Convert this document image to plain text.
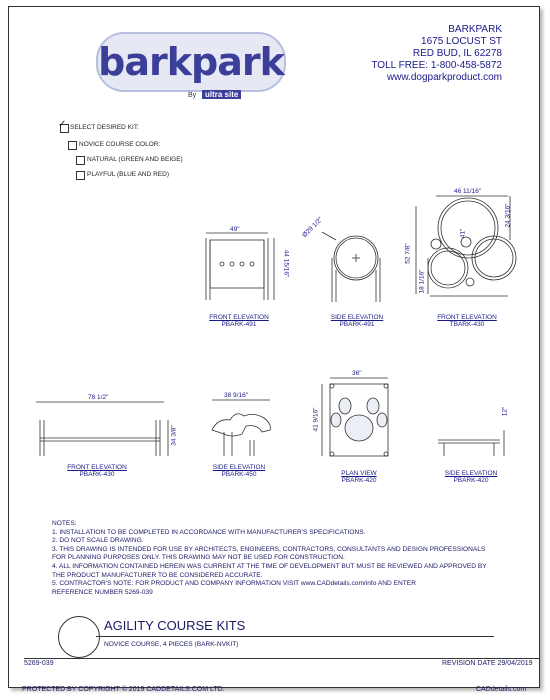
barkpark
By	ultra site
BARKPARK
1675 LOCUST ST
RED BUD, IL 62278
TOLL FREE: 1-800-458-5872
www.dogparkproduct.com
✓ SELECT DESIRED KIT:
NOVICE COURSE COLOR:
NATURAL (GREEN AND BEIGE)
PLAYFUL (BLUE AND RED)
49"
44 15/16"
Ø29 1/2"
46 11/16"
24 3/16"
52 7/8"
41"
18 1/16"
78 1/2"
34 3/8"
38 9/16"
36"
41 9/16"	12"
FRONT ELEVATION
PBARK-491
SIDE ELEVATION
PBARK-491
FRONT ELEVATION
TBARK-430
FRONT ELEVATION
PBARK-430
SIDE ELEVATION
PBARK-450	PLAN VIEW
PBARK-420
SIDE ELEVATION
PBARK-420
NOTES:
1. INSTALLATION TO BE COMPLETED IN ACCORDANCE WITH MANUFACTURER'S SPECIFICATIONS.
2. DO NOT SCALE DRAWING.
3. THIS DRAWING IS INTENDED FOR USE BY ARCHITECTS, ENGINEERS, CONTRACTORS, CONSULTANTS AND DESIGN PROFESSIONALS
FOR PLANNING PURPOSES ONLY. THIS DRAWING MAY NOT BE USED FOR CONSTRUCTION.
4. ALL INFORMATION CONTAINED HEREIN WAS CURRENT AT THE TIME OF DEVELOPMENT BUT MUST BE REVIEWED AND APPROVED BY
THE PRODUCT MANUFACTURER TO BE CONSIDERED ACCURATE.
5. CONTRACTOR'S NOTE: FOR PRODUCT AND COMPANY INFORMATION VISIT www.CADdetails.com/info AND ENTER
REFERENCE NUMBER 5269-039
AGILITY COURSE KITS
NOVICE COURSE, 4 PIECES (BARK-NVKIT)
5269-039	REVISION DATE 29/04/2019
PROTECTED BY COPYRIGHT © 2019 CADDETAILS.COM LTD.	CADdetails.com
